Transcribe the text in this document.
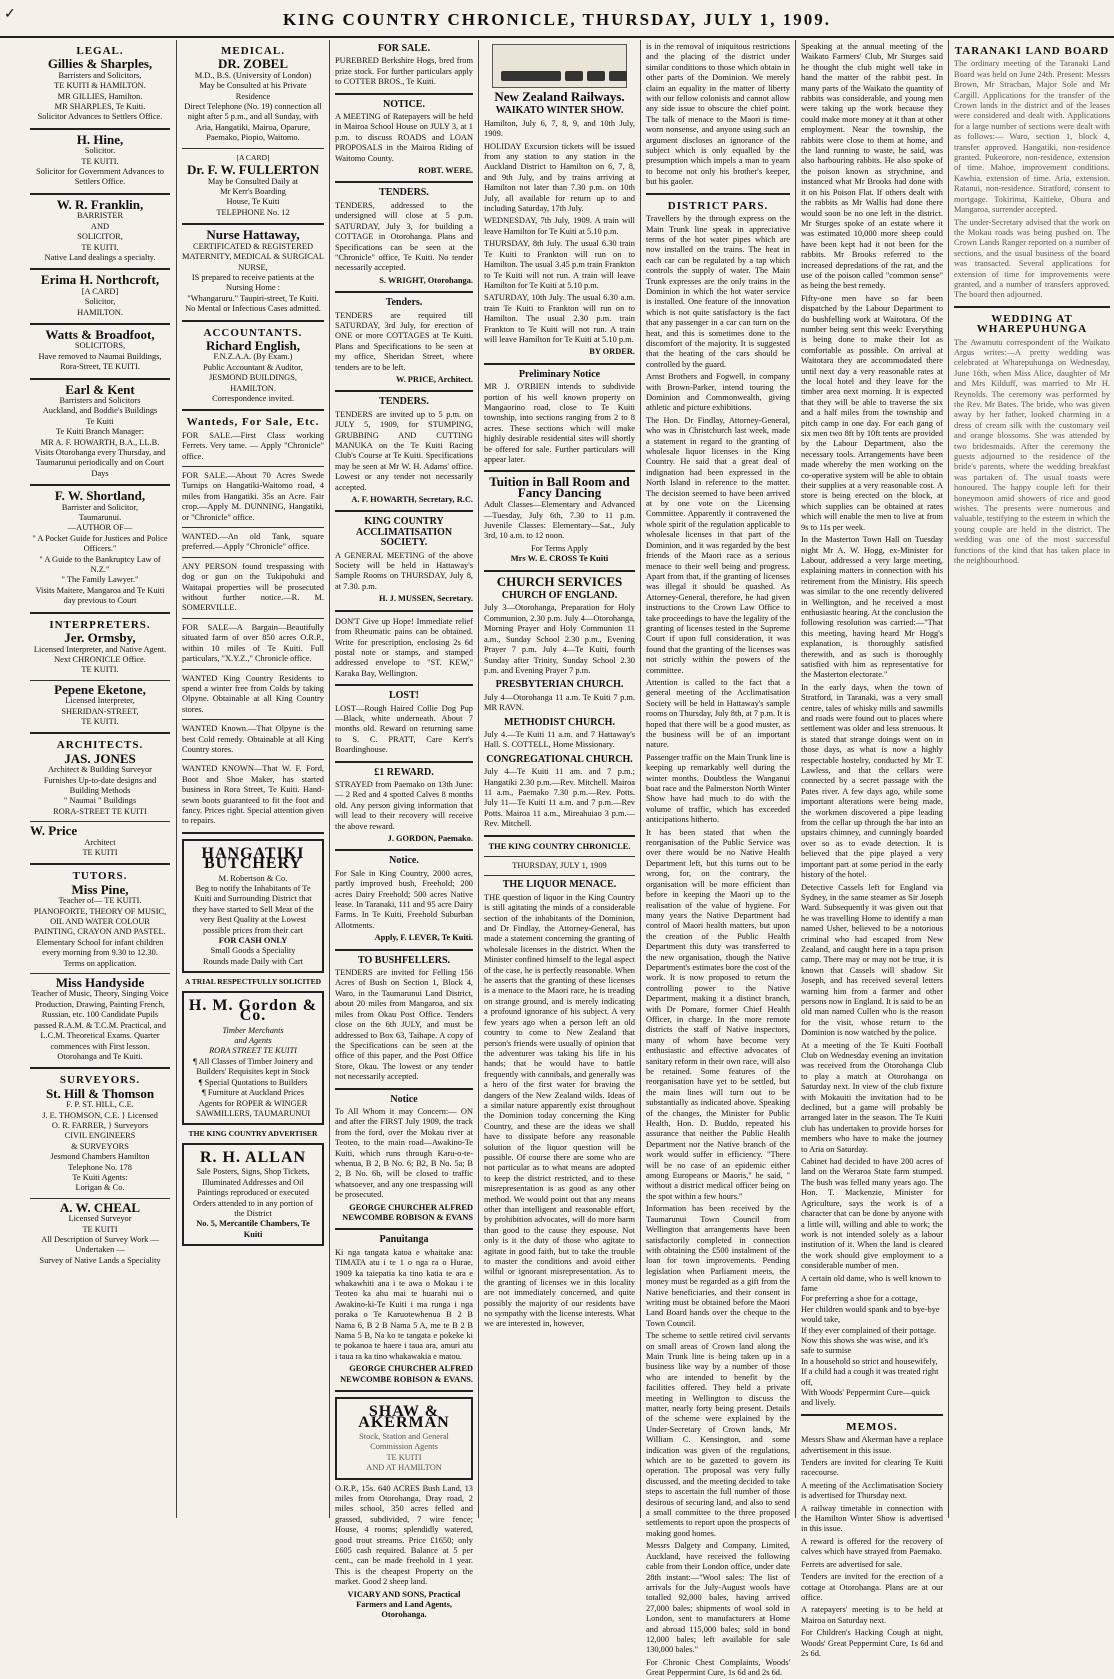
✓	KING COUNTRY CHRONICLE, THURSDAY, JULY 1, 1909.
LEGAL.
Gillies & Sharples,
Barristers and Solicitors,
TE KUITI & HAMILTON.
MR GILLIES, Hamilton.
MR SHARPLES, Te Kuiti.
Solicitor Advances to Settlers Office.
H. Hine,
Solicitor.
TE KUITI.
Solicitor for Government Advances to Settlers Office.
W. R. Franklin,
BARRISTER
AND
SOLICITOR,
TE KUITI.
Native Land dealings a specialty.
Erima H. Northcroft,
[A CARD]
Solicitor,
HAMILTON.
Watts & Broadfoot,
SOLICITORS,
Have removed to Naumai Buildings,
Rora-Street, TE KUITI.
Earl & Kent
Barristers and Solicitors
Auckland, and Boddie's Buildings
Te Kuiti
Te Kuiti Branch Manager:
MR A. F. HOWARTH, B.A., LL.B.
Visits Otorohanga every Thursday, and Taumarunui periodically and on Court Days
F. W. Shortland,
Barrister and Solicitor,
Taumarunui.
—AUTHOR OF—
" A Pocket Guide for Justices and Police Officers."
" A Guide to the Bankruptcy Law of N.Z."
" The Family Lawyer."
Visits Maitere, Mangaroa and Te Kuiti day previous to Court
INTERPRETERS.
Jer. Ormsby,
Licensed Interpreter, and Native Agent.
Next CHRONICLE Office.
TE KUITI.
Pepene Eketone,
Licensed Interpreter,
SHERIDAN-STREET,
TE KUITI.
ARCHITECTS.
JAS. JONES
Architect & Building Surveyor
Furnishes Up-to-date designs and Building Methods
" Naumai " Buildings
RORA-STREET TE KUITI
W. Price
Architect
TE KUITI
TUTORS.
Miss Pine,
Teacher of— TE KUITI.
PIANOFORTE, THEORY OF MUSIC, OIL AND WATER COLOUR PAINTING, CRAYON AND PASTEL.
Elementary School for infant children every morning from 9.30 to 12.30.
Terms on application.
Miss Handyside
Teacher of Music, Theory, Singing Voice Production, Drawing, Painting French, Russian, etc. 100 Candidate Pupils passed R.A.M. & T.C.M. Practical, and L.C.M. Theoretical Exams. Quarter commences with First lesson. Otorohanga and Te Kuiti.
SURVEYORS.
St. Hill & Thomson
F. P. ST. HILL, C.E.
J. E. THOMSON, C.E. } Licensed
O. R. FARRER, } Surveyors
CIVIL ENGINEERS
& SURVEYORS
Jesmond Chambers Hamilton
Telephone No. 178
Te Kuiti Agents:
Lorigan & Co.
A. W. CHEAL
Licensed Surveyor
TE KUITI
All Description of Survey Work — Undertaken —
Survey of Native Lands a Speciality
MEDICAL.
DR. ZOBEL
M.D., B.S. (University of London)
May be Consulted at his Private Residence
Direct Telephone (No. 19) connection all night after 5 p.m., and all Sunday, with Aria, Hangatiki, Mairoa, Oparure, Paemako, Piopio, Waitomo.
[A CARD]
Dr. F. W. FULLERTON
May be Consulted Daily at
Mr Kerr's Boarding
House, Te Kuiti
TELEPHONE No. 12
Nurse Hattaway,
CERTIFICATED & REGISTERED
MATERNITY, MEDICAL & SURGICAL NURSE,
IS prepared to receive patients at the Nursing Home :
"Whangaruru." Taupiri-street, Te Kuiti.
No Mental or Infectious Cases admitted.
ACCOUNTANTS.
Richard English,
F.N.Z.A.A. (By Exam.)
Public Accountant & Auditor,
JESMOND BUILDINGS,
HAMILTON.
Correspondence invited.
Wanteds, For Sale, Etc.

FOR SALE.—First Class working Ferrets. Very tame. — Apply "Chronicle" office.

FOR SALE.—About 70 Acres Swede Turnips on Hangatiki-Waitomo road, 4 miles from Hangatiki. 35s an Acre. Fair crop.—Apply M. DUNNING, Hangatiki, or "Chronicle" office.

WANTED.—An old Tank, square preferred.—Apply "Chronicle" office.

ANY PERSON found trespassing with dog or gun on the Tukipohuki and Waitapai properties will be prosecuted without further notice.—R. M. SOMERVILLE.

FOR SALE—A Bargain—Beautifully situated farm of over 850 acres O.R.P., within 10 miles of Te Kuiti. Full particulars, "X.Y.Z.," Chronicle office.

WANTED King Country Residents to spend a winter free from Colds by taking Olpyne. Obtainable at all King Country stores.

WANTED Known.—That Olpyne is the best Cold remedy. Obtainable at all King Country stores.

WANTED KNOWN—That W. F. Ford, Boot and Shoe Maker, has started business in Rora Street, Te Kuiti. Hand-sewn boots guaranteed to fit the foot and fancy. Prices right. Special attention given to repairs.

HANGATIKI BUTCHERY
M. Robertson & Co.
Beg to notify the Inhabitants of Te Kuiti and Surrounding District that they have started to Sell Meat of the very Best Quality at the Lowest possible prices from their cart
FOR CASH ONLY
Small Goods a Speciality
Rounds made Daily with Cart
A TRIAL RESPECTFULLY SOLICITED
H. M. Gordon & Co.
Timber Merchants
and Agents
RORA STREET TE KUITI
¶ All Classes of Timber Joinery and Builders' Requisites kept in Stock
¶ Special Quotations to Builders
¶ Furniture at Auckland Prices
Agents for ROPER & WINGER SAWMILLERS, TAUMARUNUI
THE KING COUNTRY ADVERTISER
R. H. ALLAN
Sale Posters, Signs, Shop Tickets, Illuminated Addresses and Oil Paintings reproduced or executed
Orders attended to in any portion of the District
No. 5, Mercantile Chambers, Te Kuiti
FOR SALE.

PUREBRED Berkshire Hogs, bred from prize stock. For further particulars apply to COTTER BROS., Te Kuiti.

NOTICE.

A MEETING of Ratepayers will be held in Mairoa School House on JULY 3, at 1 p.m. to discuss ROADS and LOAN PROPOSALS in the Mairoa Riding of Waitomo County.

ROBT. WERE.
TENDERS.

TENDERS, addressed to the undersigned will close at 5 p.m. SATURDAY, July 3, for building a COTTAGE in Otorohanga. Plans and Specifications can be seen at the "Chronicle" office, Te Kuiti. No tender necessarily accepted.

S. WRIGHT, Otorohanga.
Tenders.

TENDERS are required till SATURDAY, 3rd July, for erection of ONE or more COTTAGES at Te Kuiti. Plans and Specifications to be seen at my office, Sheridan Street, where tenders are to be left.

W. PRICE, Architect.
TENDERS.

TENDERS are invited up to 5 p.m. on JULY 5, 1909, for STUMPING, GRUBBING AND CUTTING MANUKA on the Te Kuiti Racing Club's Course at Te Kuiti. Specifications may be seen at Mr W. H. Adams' office. Lowest or any tender not necessarily accepted.

A. F. HOWARTH, Secretary, R.C.
KING COUNTRY ACCLIMATISATION SOCIETY.

A GENERAL MEETING of the above Society will be held in Hattaway's Sample Rooms on THURSDAY, July 8, at 7.30. p.m.

H. J. MUSSEN, Secretary.

DON'T Give up Hope! Immediate relief from Rheumatic pains can be obtained. Write for prescription, enclosing 2s 6d postal note or stamps, and stamped addressed envelope to "ST. KEW," Karaka Bay, Wellington.

LOST!

LOST—Rough Haired Collie Dog Pup —Black, white underneath. About 7 months old. Reward on returning same to S. C. PRATT, Care Kerr's Boardinghouse.

£1 REWARD.

STRAYED from Paemako on 13th June:— 2 Red and 4 spotted Calves 8 months old. Any person giving information that will lead to their recovery will receive the above reward.

J. GORDON, Paemako.
Notice.

For Sale in King Country, 2000 acres, partly improved bush, Freehold; 200 acres Dairy Freehold; 500 acres Native lease. In Taranaki, 111 and 95 acre Dairy Farms. In Te Kuiti, Freehold Suburban Allotments.

Apply, F. LEVER, Te Kuiti.
TO BUSHFELLERS.

TENDERS are invited for Felling 156 Acres of Bush on Section 1, Block 4, Waro, in the Taumarunui Land District, about 20 miles from Mangaroa, and six miles from Okau Post Office. Tenders close on the 6th JULY, and must be addressed to Box 63, Taihape. A copy of the Specifications can be seen at the office of this paper, and the Post Office Store, Okau. The lowest or any tender not necessarily accepted.

Notice

To All Whom it may Concern:— ON and after the FIRST July 1909, the track from the ford, over the Mokau river at Teoteo, to the main road—Awakino-Te Kuiti, which runs through Karu-o-te-whenua, B 2, B No. 6; B2, B No. 5a; B 2, B No. 6b, will be closed to traffic whatsoever, and any one trespassing will be prosecuted.

GEORGE CHURCHER ALFRED NEWCOMBE ROBISON & EVANS
Panuitanga

Ki nga tangata katoa e whaitake ana: TIMATA atu i te 1 o nga ra o Hurae, 1909 ka taiepatia ka tino katia te ara e whakawhiti ana i te awa o Mokau i te Teoteo ka ahu mai te huarahi nui o Awakino-ki-Te Kuiti i ma runga i nga poraka o Te Karuotewhenua B 2 B Nama 6, B 2 B Nama 5 A, me te B 2 B Nama 5 B, Na ko te tangata e pokeke ki te pokanoa te haere i taua ara, amuri atu i taua ra ka tino whakawakia e matou.

GEORGE CHURCHER ALFRED NEWCOMBE ROBISON & EVANS.
SHAW & AKERMAN
Stock, Station and General Commission Agents
TE KUITI
AND AT HAMILTON

O.R.P., 15s. 640 ACRES Bush Land, 13 miles from Otorohanga, Dray road, 2 miles school, 350 acres felled and grassed, subdivided, 7 wire fence; House, 4 rooms; splendidly watered, good trout streams. Price £1650; only £605 cash required. Balance at 5 per cent., can be made freehold in 1 year. This is the cheapest Property on the market. Good 2 sheep land.

VICARY AND SONS, Practical Farmers and Land Agents, Otorohanga.
New Zealand Railways.
WAIKATO WINTER SHOW.

Hamilton, July 6, 7, 8, 9, and 10th July, 1909.

HOLIDAY Excursion tickets will be issued from any station to any station in the Auckland District to Hamilton on 6, 7, 8, and 9th July, and by trains arriving at Hamilton not later than 7.30 p.m. on 10th July, all available for return up to and including Saturday, 17th July.

WEDNESDAY, 7th July, 1909. A train will leave Hamilton for Te Kuiti at 5.10 p.m.

THURSDAY, 8th July. The usual 6.30 train Te Kuiti to Frankton will run on to Hamilton. The usual 3.45 p.m train Frankton to Te Kuiti will not run. A train will leave Hamilton for Te Kuiti at 5.10 p.m.

SATURDAY, 10th July. The usual 6.30 a.m. train Te Kuiti to Frankton will run on to Hamilton. The usual 2.30 p.m. train Frankton to Te Kuiti will not run. A train will leave Hamilton for Te Kuiti at 5.10 p.m.

BY ORDER.
Preliminary Notice

MR J. O'RBIEN intends to subdivide portion of his well known property on Mangaorino road, close to Te Kuiti township, into sections ranging from 2 to 8 acres. These sections which will make highly desirable residential sites will shortly be offered for sale. Further particulars will appear later.

Tuition in Ball Room and Fancy Dancing

Adult Classes—Elementary and Advanced—Tuesday, July 6th, 7.30 to 11 p.m. Juvenile Classes: Elementary—Sat., July 3rd, 10 a.m. to 12 noon.

For Terms Apply
Mrs W. E. CROSS Te Kuiti
CHURCH SERVICES
CHURCH OF ENGLAND.

July 3—Otorohanga, Preparation for Holy Communion, 2.30 p.m. July 4—Otorohanga, Morning Prayer and Holy Communion 11 a.m., Sunday School 2.30 p.m., Evening Prayer 7 p.m. July 4—Te Kuiti, fourth Sunday after Trinity, Sunday School 2.30 p.m. and Evening Prayer 7 p.m.

PRESBYTERIAN CHURCH.

July 4—Otorohanga 11 a.m. Te Kuiti 7 p.m. MR RAVN.

METHODIST CHURCH.

July 4.—Te Kuiti 11 a.m. and 7 Hattaway's Hall. S. COTTELL, Home Missionary.

CONGREGATIONAL CHURCH.

July 4—Te Kuiti 11 am. and 7 p.m.; Hangatiki 2.30 p.m.—Rev. Mitchell. Mairoa 11 a.m., Paemako 7.30 p.m.—Rev. Potts. July 11—Te Kuiti 11 a.m. and 7 p.m.—Rev Potts. Mairoa 11 a.m., Mireahuiao 3 p.m.—Rev. Mitchell.

THE KING COUNTRY CHRONICLE.
THURSDAY, JULY 1, 1909
THE LIQUOR MENACE.

THE question of liquor in the King Country is still agitating the minds of a considerable section of the inhabitants of the Dominion, and Dr Findlay, the Attorney-General, has made a statement concerning the granting of wholesale licenses in the district. When the Minister confined himself to the legal aspect of the case, he is perfectly reasonable. When he asserts that the granting of these licenses is a menace to the Maori race, he is treading on strange ground, and is merely indicating a profound ignorance of his subject. A very few years ago when a person left an old country to come to New Zealand that person's friends were usually of opinion that the adventurer was taking his life in his hands; that he would have to battle frequently with cannibals, and generally was a hero of the first water for braving the dangers of the New Zealand wilds. Ideas of a similar nature apparently exist throughout the Dominion today concerning the King Country, and these are the ideas we shall have to dissipate before any reasonable solution of the liquor question will be possible. Of course there are some who are not particular as to what means are adopted to keep the district restricted, and to these misrepresentation is as good as any other method. We would point out that any means other than intelligent and reasonable effort, by prohibition advocates, will do more harm than good to the cause they espouse. Not only is it the duty of those who agitate to agitate in good faith, but to take the trouble to master the conditions and avoid either wilful or ignorant misrepresentation. As to the granting of licenses we in this locality are not immediately concerned, and quite possibly the majority of our residents have no sympathy with the license interests. What we are interested in, however,

is in the removal of iniquitous restrictions and the placing of the district under similar conditions to those which obtain in other parts of the Dominion. We merely claim an equality in the matter of liberty with our fellow colonists and cannot allow any side issue to obscure the chief point. The talk of menace to the Maori is time-worn nonsense, and anyone using such an argument discloses an ignorance of the subject which is only equalled by the presumption which impels a man to yearn to become not only his brother's keeper, but his gaoler.

DISTRICT PARS.

Travellers by the through express on the Main Trunk line speak in appreciative terms of the hot water pipes which are now installed on the trains. The heat in each car can be regulated by a tap which controls the supply of water. The Main Trunk expresses are the only trains in the Dominion in which the hot water service is installed. One feature of the innovation which is not quite satisfactory is the fact that any passenger in a car can turn on the heat, and this is sometimes done to the discomfort of the majority. It is suggested that the heating of the cars should be controlled by the guard.

Arnst Brothers and Fogwell, in company with Brown-Parker, intend touring the Dominion and Commonwealth, giving athletic and picture exhibitions.

The Hon. Dr Findlay, Attorney-General, who was in Christchurch last week, made a statement in regard to the granting of wholesale liquor licenses in the King Country. He said that a great deal of indignation had been expressed in the North Island in reference to the matter. The decision seemed to have been arrived at by one vote on the Licensing Committee. Apparently it contravened the whole spirit of the regulation applicable to wholesale licenses in that part of the Dominion, and it was regarded by the best friends of the Maori race as a serious menace to their well being and progress. Apart from that, if the granting of licenses was illegal it should be quashed. As Attorney-General, therefore, he had given instructions to the Crown Law Office to take proceedings to have the legality of the granting of licenses tested in the Supreme Court if upon full consideration, it was found that the granting of the licenses was not strictly within the powers of the committee.

Attention is called to the fact that a general meeting of the Acclimatisation Society will be held in Hattaway's sample rooms on Thursday, July 8th, at 7 p.m. It is hoped that there will be a good muster, as the business will be of an important nature.

Passenger traffic on the Main Trunk line is keeping up remarkably well during the winter months. Doubtless the Wanganui boat race and the Palmerston North Winter Show have had much to do with the volume of traffic, which has exceeded anticipations hitherto.

It has been stated that when the reorganisation of the Public Service was over there would be no Native Health Department left, but this turns out to be wrong, for, on the contrary, the organisation will be more efficient than before in keeping the Maori up to the realisation of the value of hygiene. For many years the Native Department had control of Maori health matters, but upon the creation of the Public Health Department this duty was transferred to the new organisation, though the Native Department's estimates bore the cost of the work. It is now proposed to return the controlling power to the Native Department, making it a distinct branch, with Dr Pomare, former Chief Health Officer, in charge. In the more remote districts the staff of Native inspectors, many of whom have become very enthusiastic and effective advocates of sanitary reform in their own race, will also be retained. Some features of the reorganisation have yet to be settled, but the main lines will turn out to be substantially as indicated above. Speaking of the changes, the Minister for Public Health, Hon. D. Buddo, repeated his assurance that neither the Public Health Department nor the Native branch of the work would suffer in efficiency. "There will be no case of an epidemic either among Europeans or Maoris," he said, " without a district medical officer being on the spot within a few hours."

Information has been received by the Taumarunui Town Council from Wellington that arrangements have been satisfactorily completed in connection with obtaining the £500 instalment of the loan for town improvements. Pending legislation when Parliament meets, the money must be regarded as a gift from the Native beneficiaries, and their consent in writing must be obtained before the Maori Land Board hands over the cheque to the Town Council.

The scheme to settle retired civil servants on small areas of Crown land along the Main Trunk line is being taken up in a business like way by a number of those who are intended to benefit by the facilities offered. They held a private meeting in Wellington to discuss the matter, nearly forty being present. Details of the scheme were explained by the Under-Secretary of Crown lands, Mr William C. Kensington, and some indication was given of the regulations, which are to be gazetted to govern its operation. The proposal was very fully discussed, and the meeting decided to take steps to ascertain the full number of those desirous of securing land, and also to send a small committee to the three proposed settlements to report upon the prospects of making good homes.

Messrs Dalgety and Company, Limited, Auckland, have received the following cable from their London office, under date 28th instant:—"Wool sales: The list of arrivals for the July-August wools have totalled 92,000 bales, having arrived 27,000 bales; shipments of wool sold in London, sent to manufacturers at Home and abroad 115,000 bales; sold in bond 12,000 bales; left available for sale 130,000 bales."

For Chronic Chest Complaints, Woods' Great Peppermint Cure, 1s 6d and 2s 6d.

Speaking at the annual meeting of the Waikato Farmers' Club, Mr Sturges said he thought the club might well take in hand the matter of the rabbit pest. In many parts of the Waikato the quantity of rabbits was considerable, and young men were taking up the work because they could make more money at it than at other employment. Near the township, the rabbits were close to them at home, and the land running to waste, he said, was also harbouring rabbits. He also spoke of the poison known as strychnine, and instanced what Mr Brooks had done with it on his Poison Flat. If others dealt with the rabbits as Mr Wallis had done there would soon be no one left in the district. Mr Sturges spoke of an estate where it was estimated 10,000 more sheep could have been kept had it not been for the rabbits. Mr Brooks referred to the increased depredations of the rat, and the use of the poison called "common sense" as being the best remedy.

Fifty-one men have so far been dispatched by the Labour Department to do bushfelling work at Waitotara. Of the number being sent this week: Everything is being done to make their lot as comfortable as possible. On arrival at Waitotara they are accommodated there until next day a very reasonable rates at the local hotel and they leave for the timber area next morning. It is expected that they will be able to traverse the six and a half miles from the township and pitch camp in one day. For each gang of six men two 8ft by 10ft tents are provided by the Labour Department, also the necessary tools. Arrangements have been made whereby the men working on the co-operative system will be able to obtain their supplies at a very reasonable cost. A store is being erected on the block, at which supplies can be obtained at rates which will enable the men to live at from 9s to 11s per week.

In the Masterton Town Hall on Tuesday night Mr A. W. Hogg, ex-Minister for Labour, addressed a very large meeting, explaining matters in connection with his retirement from the Ministry. His speech was similar to the one recently delivered in Wellington, and he received a most enthusiastic hearing. At the conclusion the following resolution was carried:—"That this meeting, having heard Mr Hogg's explanation, is thoroughly satisfied therewith, and as such is thoroughly satisfied with him as representative for the Masterton electorate."

In the early days, when the town of Stratford, in Taranaki, was a very small centre, tales of whisky mills and sawmills and roads were found out to places where settlement was older and less strenuous. It is stated that strange doings went on in those days, as what is now a highly respectable hostelry, conducted by Mr T. Lawless, and that the cellars were connected by a secret passage with the Pates river. A few days ago, while some important alterations were being made, the workmen discovered a pipe leading from the cellar up through the bar into an upstairs chimney, and cunningly boarded over so as to evade detection. It is believed that the pipe played a very important part at some period in the early history of the hotel.

Detective Cassels left for England via Sydney, in the same steamer as Sir Joseph Ward. Subsequently it was given out that he was travelling Home to identify a man named Usher, believed to be a notorious criminal who had escaped from New Zealand, and caught here in a tapu prison camp. There may or may not be true, it is known that Cassels will shadow Sir Joseph, and has received several letters warning him from a farmer and other persons now in England. It is said to be an old man named Cullen who is the reason for the visit, whose return to the Dominion is now watched by the police.

At a meeting of the Te Kuiti Football Club on Wednesday evening an invitation was received from the Otorohanga Club to play a match at Otorohanga on Saturday next. In view of the club fixture with Mokauiti the invitation had to be declined, but a game will probably be arranged later in the season. The Te Kuiti club has undertaken to provide horses for members who have to make the journey to Aria on Saturday.

Cabinet had decided to have 200 acres of land on the Weraroa State farm stumped. The bush was felled many years ago. The Hon. T. Mackenzie, Minister for Agriculture, says the work is of a character that can be done by anyone with a little will, willing and able to work; the work is not intended solely as a labour institution of it. When the land is cleared the work should give employment to a considerable number of men.

A certain old dame, who is well known to fame
For preferring a shoe for a cottage,
Her children would spank and to bye-bye would take,
If they ever complained of their pottage.
Now this shows she was wise, and it's safe to surmise
In a household so strict and housewifely,
If a child had a cough it was treated right off,
With Woods' Peppermint Cure—quick and lively.
MEMOS.

Messrs Shaw and Akerman have a replace advertisement in this issue.

Tenders are invited for clearing Te Kuiti racecourse.

A meeting of the Acclimatisation Society is advertised for Thursday next.

A railway timetable in connection with the Hamilton Winter Show is advertised in this issue.

A reward is offered for the recovery of calves which have strayed from Paemako.

Ferrets are advertised for sale.

Tenders are invited for the erection of a cottage at Otorohanga. Plans are at our office.

A ratepayers' meeting is to be held at Mairoa on Saturday next.

For Children's Hacking Cough at night, Woods' Great Peppermint Cure, 1s 6d and 2s 6d.

TARANAKI LAND BOARD

The ordinary meeting of the Taranaki Land Board was held on June 24th. Present: Messrs Brown, Mr Strachan, Major Sole and Mr Cargill. Applications for the transfer of the Crown lands in the district and of the leases were considered and dealt with. Applications for a large number of sections were dealt with as follows:— Waro, section 1, block 4, transfer approved. Hangatiki, non-residence granted. Pukeorore, non-residence, extension of time. Mahoe, improvement conditions. Kawhia, extension of time. Aria, extension. Ratanui, non-residence. Stratford, consent to mortgage. Tokirima, Kaitieke, Ohura and Mangaroa, surrender accepted.

The under-Secretary advised that the work on the Mokau roads was being pushed on. The Crown Lands Ranger reported on a number of sections, and the usual business of the board was transacted. Several applications for extension of time for improvements were granted, and a number of transfers approved. The board then adjourned.

WEDDING AT WHAREPUHUNGA

The Awamutu correspondent of the Waikato Argus writes:—A pretty wedding was celebrated at Wharepuhunga on Wednesday, June 16th, when Miss Alice, daughter of Mr and Mrs Kilduff, was married to Mr H. Reynolds. The ceremony was performed by the Rev. Mr Bates. The bride, who was given away by her father, looked charming in a dress of cream silk with the customary veil and orange blossoms. She was attended by two bridesmaids. After the ceremony the guests adjourned to the residence of the bride's parents, where the wedding breakfast was partaken of. The usual toasts were honoured. The happy couple left for their honeymoon amid showers of rice and good wishes. The presents were numerous and valuable, testifying to the esteem in which the young couple are held in the district. The wedding was one of the most successful functions of the kind that has taken place in the neighbourhood.
